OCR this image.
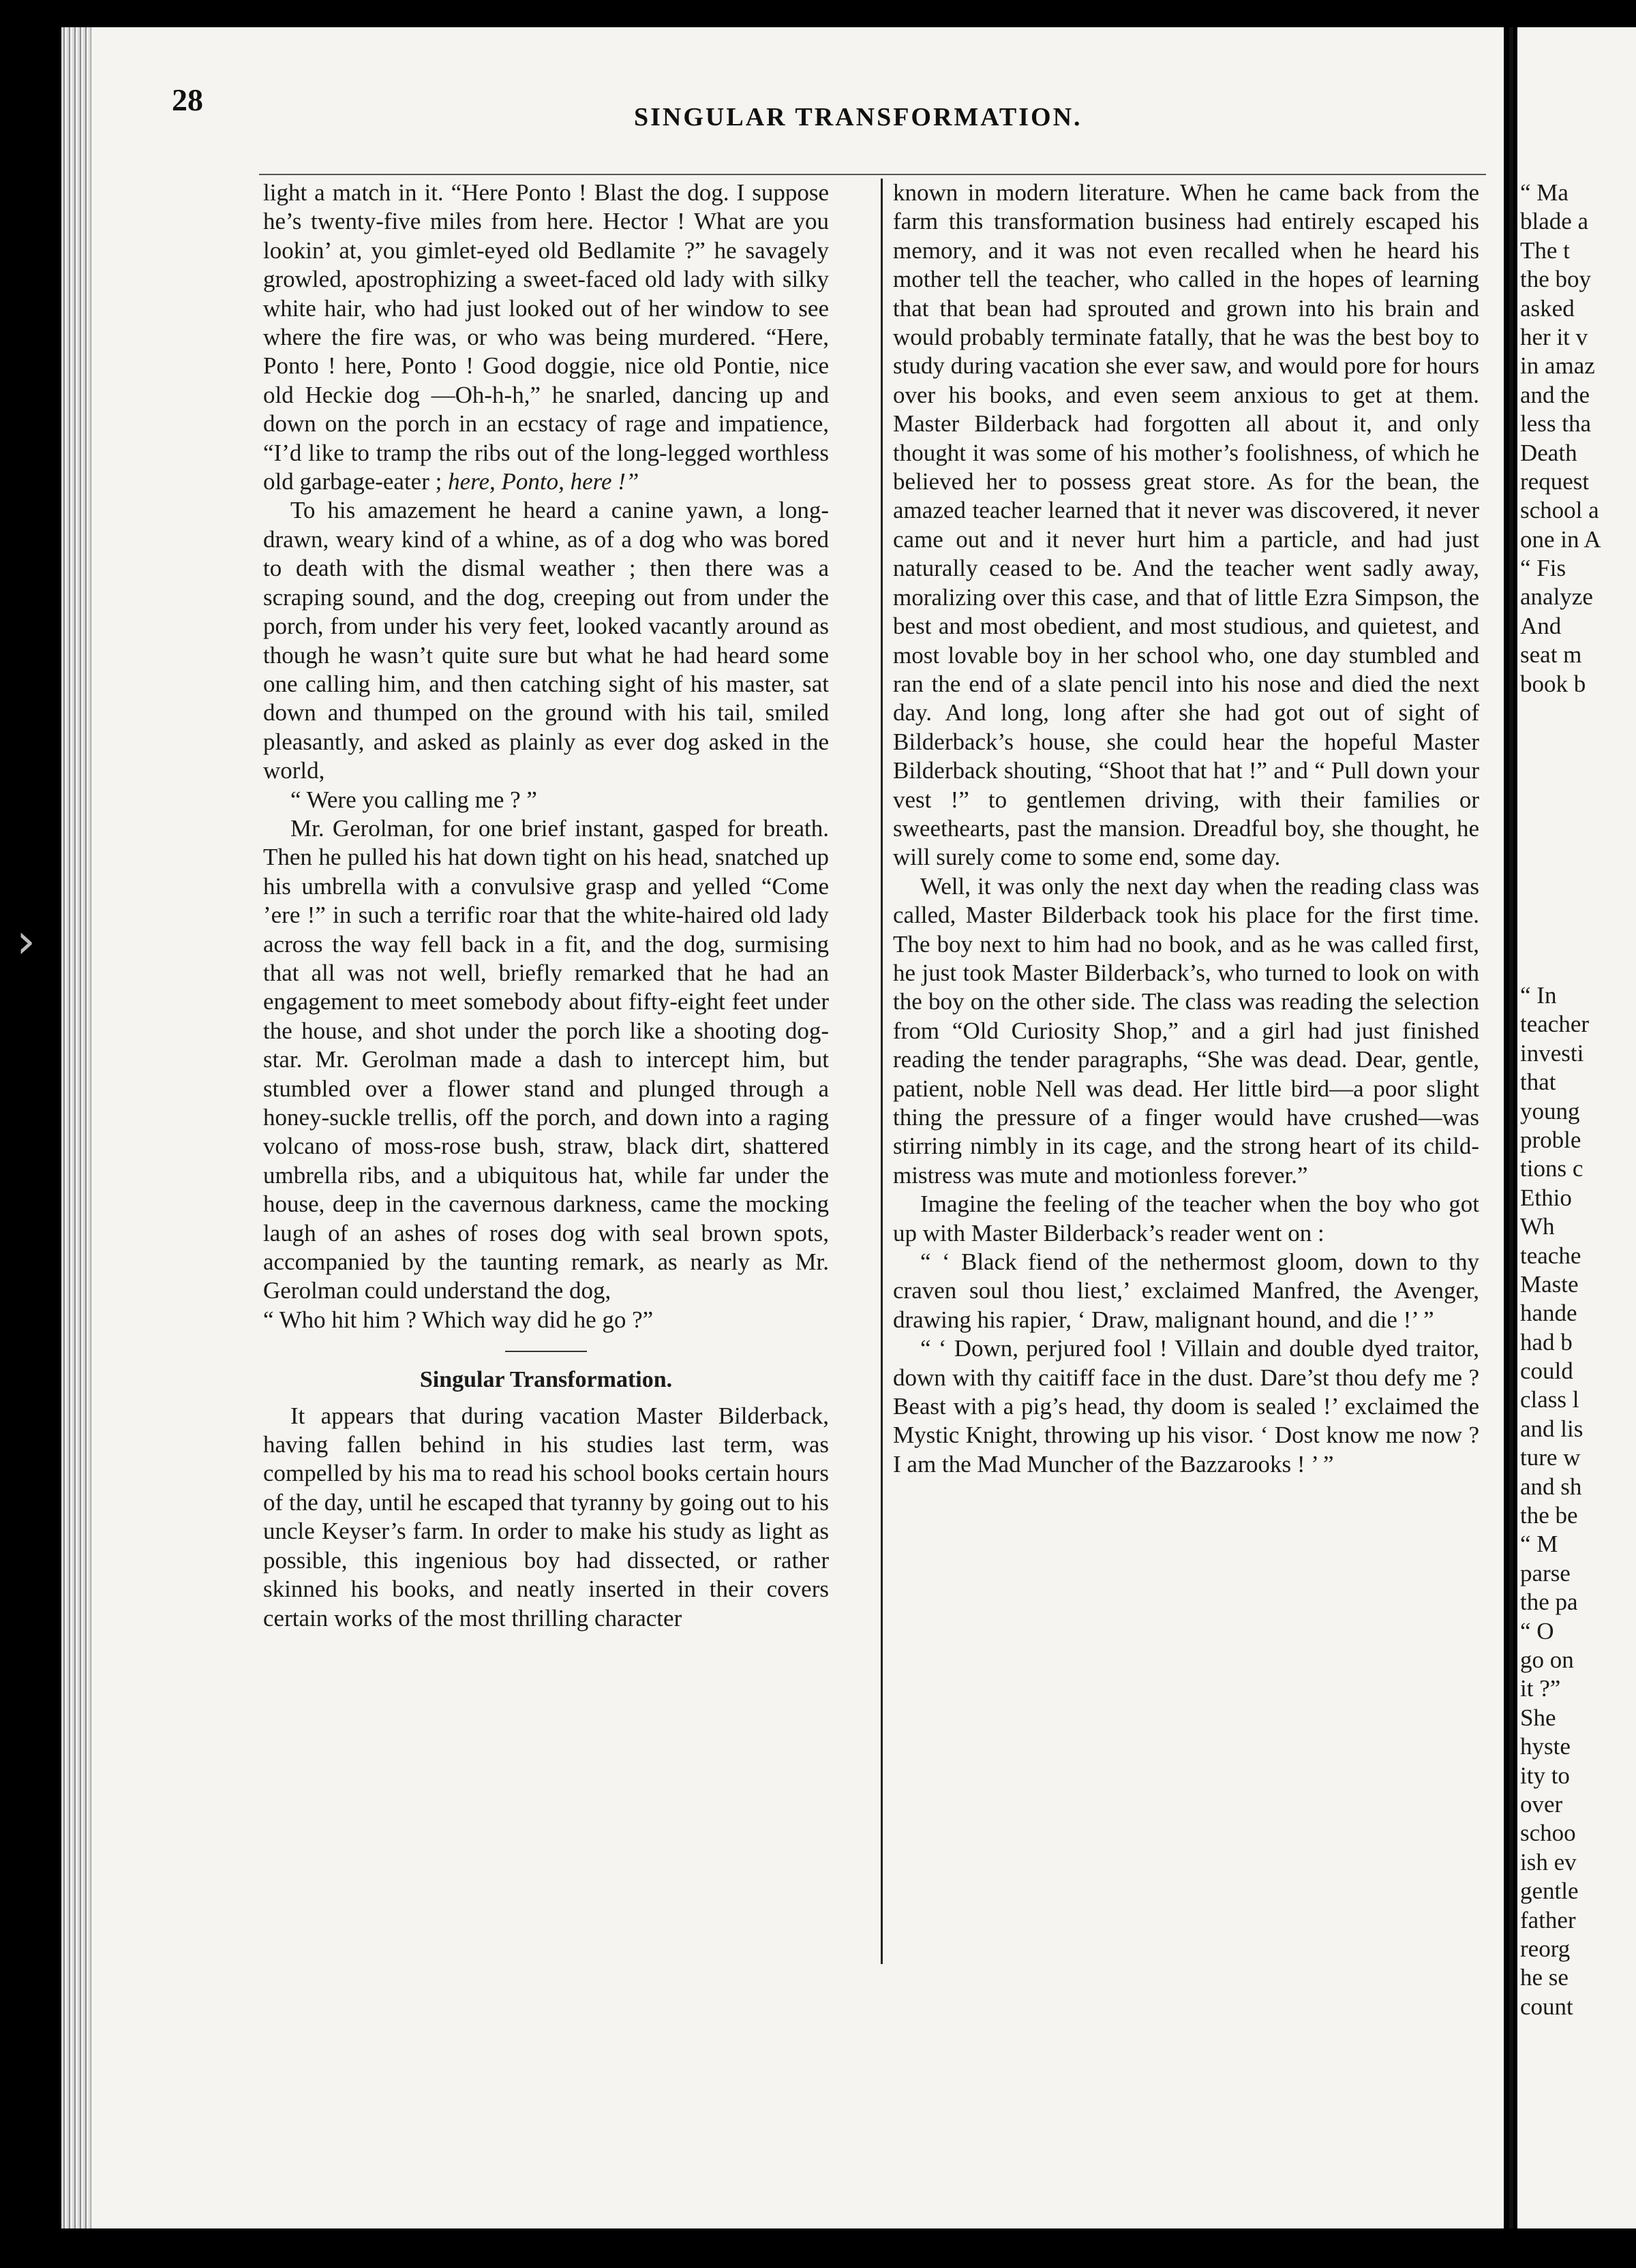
›
28	SINGULAR TRANSFORMATION.

light a match in it. “Here Ponto ! Blast the dog. I suppose he’s twenty-five miles from here. Hector ! What are you lookin’ at, you gimlet-eyed old Bedlamite ?” he savagely growled, apostrophizing a sweet-faced old lady with silky white hair, who had just looked out of her window to see where the fire was, or who was being murdered. “Here, Ponto ! here, Ponto ! Good doggie, nice old Pontie, nice old Heckie dog —Oh-h-h,” he snarled, dancing up and down on the porch in an ecstacy of rage and impatience, “I’d like to tramp the ribs out of the long-legged worthless old garbage-eater ; here, Ponto, here !”

To his amazement he heard a canine yawn, a long-drawn, weary kind of a whine, as of a dog who was bored to death with the dismal weather ; then there was a scraping sound, and the dog, creeping out from under the porch, from under his very feet, looked vacantly around as though he wasn’t quite sure but what he had heard some one calling him, and then catching sight of his master, sat down and thumped on the ground with his tail, smiled pleasantly, and asked as plainly as ever dog asked in the world,

“ Were you calling me ? ”

Mr. Gerolman, for one brief instant, gasped for breath. Then he pulled his hat down tight on his head, snatched up his umbrella with a convulsive grasp and yelled “Come ’ere !” in such a terrific roar that the white-haired old lady across the way fell back in a fit, and the dog, surmising that all was not well, briefly remarked that he had an engagement to meet somebody about fifty-eight feet under the house, and shot under the porch like a shooting dog-star. Mr. Gerolman made a dash to intercept him, but stumbled over a flower stand and plunged through a honey-suckle trellis, off the porch, and down into a raging volcano of moss-rose bush, straw, black dirt, shattered umbrella ribs, and a ubiquitous hat, while far under the house, deep in the cavernous darkness, came the mocking laugh of an ashes of roses dog with seal brown spots, accompanied by the taunting remark, as nearly as Mr. Gerolman could understand the dog,

“ Who hit him ? Which way did he go ?”

Singular Transformation.

It appears that during vacation Master Bilderback, having fallen behind in his studies last term, was compelled by his ma to read his school books certain hours of the day, until he escaped that tyranny by going out to his uncle Keyser’s farm. In order to make his study as light as possible, this ingenious boy had dissected, or rather skinned his books, and neatly inserted in their covers certain works of the most thrilling character

known in modern literature. When he came back from the farm this transformation business had entirely escaped his memory, and it was not even recalled when he heard his mother tell the teacher, who called in the hopes of learning that that bean had sprouted and grown into his brain and would probably terminate fatally, that he was the best boy to study during vacation she ever saw, and would pore for hours over his books, and even seem anxious to get at them. Master Bilderback had forgotten all about it, and only thought it was some of his mother’s foolishness, of which he believed her to possess great store. As for the bean, the amazed teacher learned that it never was discovered, it never came out and it never hurt him a particle, and had just naturally ceased to be. And the teacher went sadly away, moralizing over this case, and that of little Ezra Simpson, the best and most obedient, and most studious, and quietest, and most lovable boy in her school who, one day stumbled and ran the end of a slate pencil into his nose and died the next day. And long, long after she had got out of sight of Bilderback’s house, she could hear the hopeful Master Bilderback shouting, “Shoot that hat !” and “ Pull down your vest !” to gentlemen driving, with their families or sweethearts, past the mansion. Dreadful boy, she thought, he will surely come to some end, some day.

Well, it was only the next day when the reading class was called, Master Bilderback took his place for the first time. The boy next to him had no book, and as he was called first, he just took Master Bilderback’s, who turned to look on with the boy on the other side. The class was reading the selection from “Old Curiosity Shop,” and a girl had just finished reading the tender paragraphs, “She was dead. Dear, gentle, patient, noble Nell was dead. Her little bird—a poor slight thing the pressure of a finger would have crushed—was stirring nimbly in its cage, and the strong heart of its child-mistress was mute and motionless forever.”

Imagine the feeling of the teacher when the boy who got up with Master Bilderback’s reader went on :

“ ‘ Black fiend of the nethermost gloom, down to thy craven soul thou liest,’ exclaimed Manfred, the Avenger, drawing his rapier, ‘ Draw, malignant hound, and die !’ ”

“ ‘ Down, perjured fool ! Villain and double dyed traitor, down with thy caitiff face in the dust. Dare’st thou defy me ? Beast with a pig’s head, thy doom is sealed !’ exclaimed the Mystic Knight, throwing up his visor. ‘ Dost know me now ? I am the Mad Muncher of the Bazzarooks ! ’ ”

“ Ma
blade a
The t
the boy
asked
her it v
in amaz
and the
less tha
Death
request
school a
one in A
“ Fis
analyze
And
seat m
book b
“ In
teacher
investi
that
young
proble
tions c
Ethio
Wh
teache
Maste
hande
had b
could
class l
and lis
ture w
and sh
the be
“ M
parse
the pa
“ O
go on
it ?”
She
hyste
ity to
over
schoo
ish ev
gentle
father
reorg
he se
count
